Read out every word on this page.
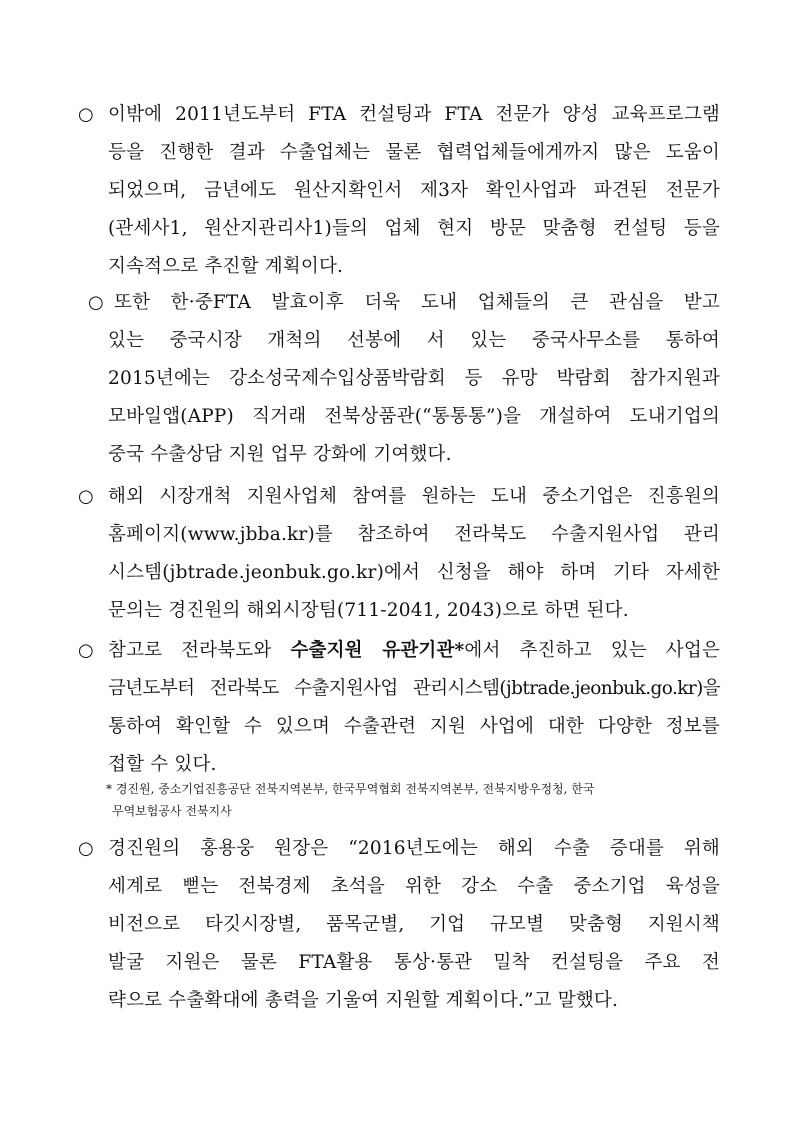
○ 이밖에 2011년도부터 FTA 컨설팅과 FTA 전문가 양성 교육프로그램
등을 진행한 결과 수출업체는 물론 협력업체들에게까지 많은 도움이
되었으며, 금년에도 원산지확인서 제3자 확인사업과 파견된 전문가
(관세사1, 원산지관리사1)들의 업체 현지 방문 맞춤형 컨설팅 등을
지속적으로 추진할 계획이다.
○ 또한 한·중FTA 발효이후 더욱 도내 업체들의 큰 관심을 받고
있는 중국시장 개척의 선봉에 서 있는 중국사무소를 통하여
2015년에는 강소성국제수입상품박람회 등 유망 박람회 참가지원과
모바일앱(APP) 직거래 전북상품관(“통통통”)을 개설하여 도내기업의
중국 수출상담 지원 업무 강화에 기여했다.
○ 해외 시장개척 지원사업체 참여를 원하는 도내 중소기업은 진흥원의
홈페이지(www.jbba.kr)를 참조하여 전라북도 수출지원사업 관리
시스템(jbtrade.jeonbuk.go.kr)에서 신청을 해야 하며 기타 자세한
문의는 경진원의 해외시장팀(711-2041, 2043)으로 하면 된다.
○ 참고로 전라북도와 수출지원 유관기관*에서 추진하고 있는 사업은
금년도부터 전라북도 수출지원사업 관리시스템(jbtrade.jeonbuk.go.kr)을
통하여 확인할 수 있으며 수출관련 지원 사업에 대한 다양한 정보를
접할 수 있다.
* 경진원, 중소기업진흥공단 전북지역본부, 한국무역협회 전북지역본부, 전북지방우정청, 한국
무역보험공사 전북지사
○ 경진원의 홍용웅 원장은 “2016년도에는 해외 수출 증대를 위해
세계로 뻗는 전북경제 초석을 위한 강소 수출 중소기업 육성을
비전으로 타깃시장별, 품목군별, 기업 규모별 맞춤형 지원시책
발굴 지원은 물론 FTA활용 통상·통관 밀착 컨설팅을 주요 전
략으로 수출확대에 총력을 기울여 지원할 계획이다.”고 말했다.
